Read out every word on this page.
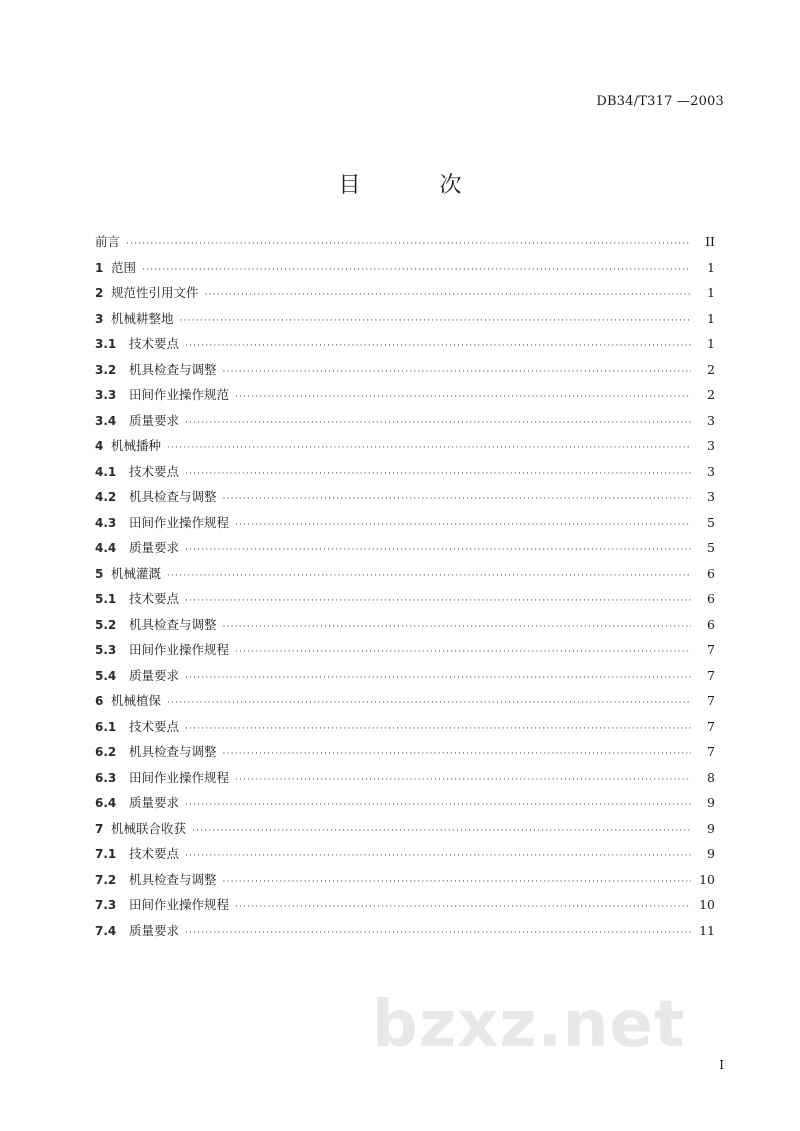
DB34/T317 —2003
目 次
前言 ·····	II
1 范围 ·····	1
2 规范性引用文件 ·····	1
3 机械耕整地 ·····	1
3.1	技术要点 ·····	1
3.2	机具检查与调整 ·····	2
3.3	田间作业操作规范 ·····	2
3.4	质量要求 ·····	3
4 机械播种 ·····	3
4.1	技术要点 ·····	3
4.2	机具检查与调整 ·····	3
4.3	田间作业操作规程 ·····	5
4.4	质量要求 ·····	5
5 机械灌溉 ·····	6
5.1	技术要点 ·····	6
5.2	机具检查与调整 ·····	6
5.3	田间作业操作规程 ·····	7
5.4	质量要求 ·····	7
6 机械植保 ·····	7
6.1	技术要点 ·····	7
6.2	机具检查与调整 ·····	7
6.3	田间作业操作规程 ·····	8
6.4	质量要求 ·····	9
7 机械联合收获 ·····	9
7.1	技术要点 ·····	9
7.2	机具检查与调整 ·····	10
7.3	田间作业操作规程 ·····	10
7.4	质量要求 ·····	11
bzxz.net
I
